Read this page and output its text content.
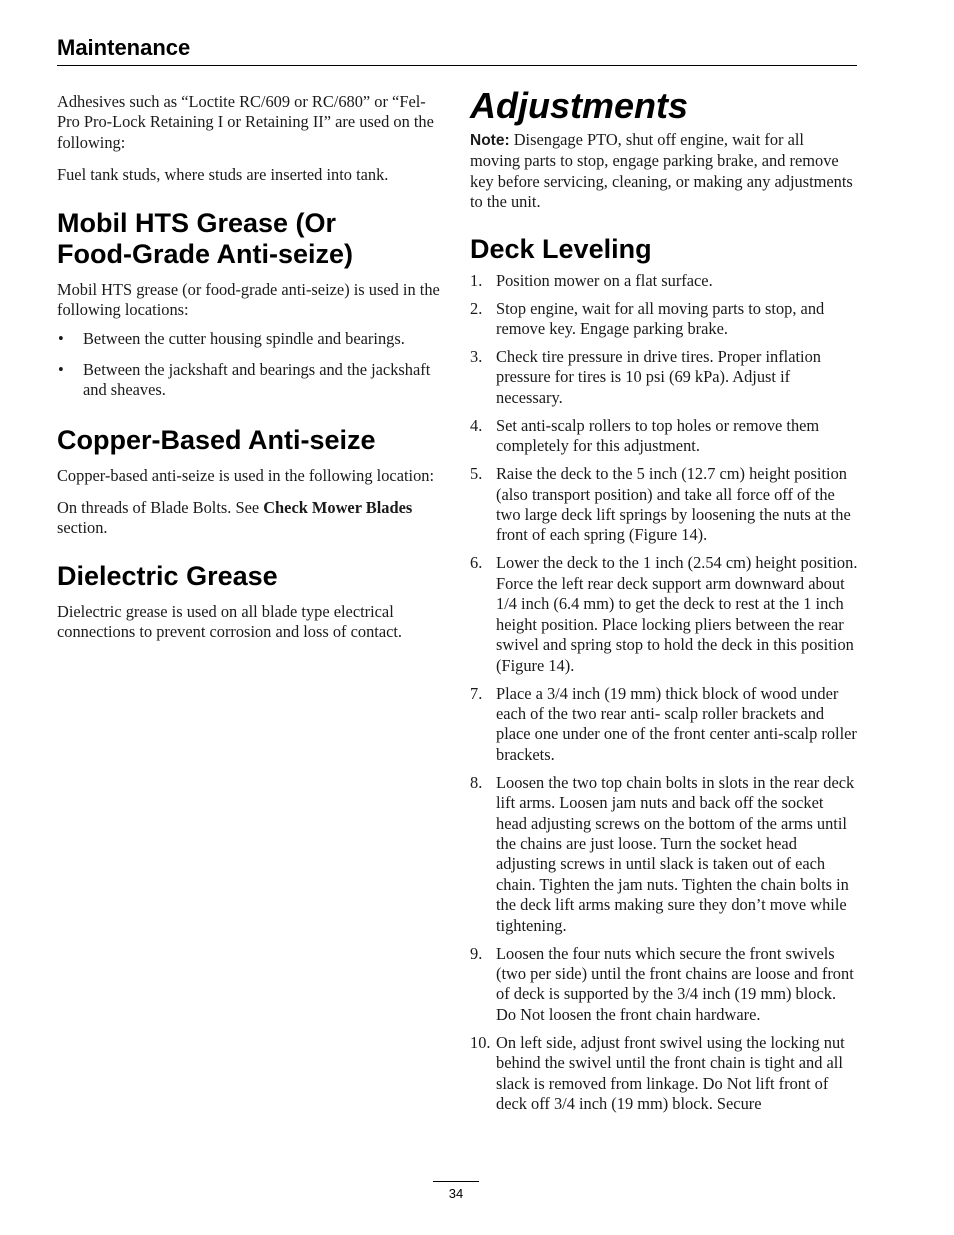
Maintenance

Adhesives such as “Loctite RC/609 or RC/680” or “Fel-Pro Pro-Lock Retaining I or Retaining II” are used on the following:

Fuel tank studs, where studs are inserted into tank.

Mobil HTS Grease (Or
Food-Grade Anti-seize)

Mobil HTS grease (or food-grade anti-seize) is used in the following locations:

• Between the cutter housing spindle and bearings.
• Between the jackshaft and bearings and the jackshaft and sheaves.
Copper-Based Anti-seize

Copper-based anti-seize is used in the following location:

On threads of Blade Bolts. See Check Mower Blades section.

Dielectric Grease

Dielectric grease is used on all blade type electrical connections to prevent corrosion and loss of contact.

Adjustments

Note: Disengage PTO, shut off engine, wait for all moving parts to stop, engage parking brake, and remove key before servicing, cleaning, or making any adjustments to the unit.

Deck Leveling
1. Position mower on a flat surface.
2. Stop engine, wait for all moving parts to stop, and remove key. Engage parking brake.
3. Check tire pressure in drive tires. Proper inflation pressure for tires is 10 psi (69 kPa). Adjust if necessary.
4. Set anti-scalp rollers to top holes or remove them completely for this adjustment.
5. Raise the deck to the 5 inch (12.7 cm) height position (also transport position) and take all force off of the two large deck lift springs by loosening the nuts at the front of each spring (Figure 14).
6. Lower the deck to the 1 inch (2.54 cm) height position. Force the left rear deck support arm downward about 1/4 inch (6.4 mm) to get the deck to rest at the 1 inch height position. Place locking pliers between the rear swivel and spring stop to hold the deck in this position (Figure 14).
7. Place a 3/4 inch (19 mm) thick block of wood under each of the two rear anti- scalp roller brackets and place one under one of the front center anti-scalp roller brackets.
8. Loosen the two top chain bolts in slots in the rear deck lift arms. Loosen jam nuts and back off the socket head adjusting screws on the bottom of the arms until the chains are just loose. Turn the socket head adjusting screws in until slack is taken out of each chain. Tighten the jam nuts. Tighten the chain bolts in the deck lift arms making sure they don’t move while tightening.
9. Loosen the four nuts which secure the front swivels (two per side) until the front chains are loose and front of deck is supported by the 3/4 inch (19 mm) block. Do Not loosen the front chain hardware.
10. On left side, adjust front swivel using the locking nut behind the swivel until the front chain is tight and all slack is removed from linkage. Do Not lift front of deck off 3/4 inch (19 mm) block. Secure
34
